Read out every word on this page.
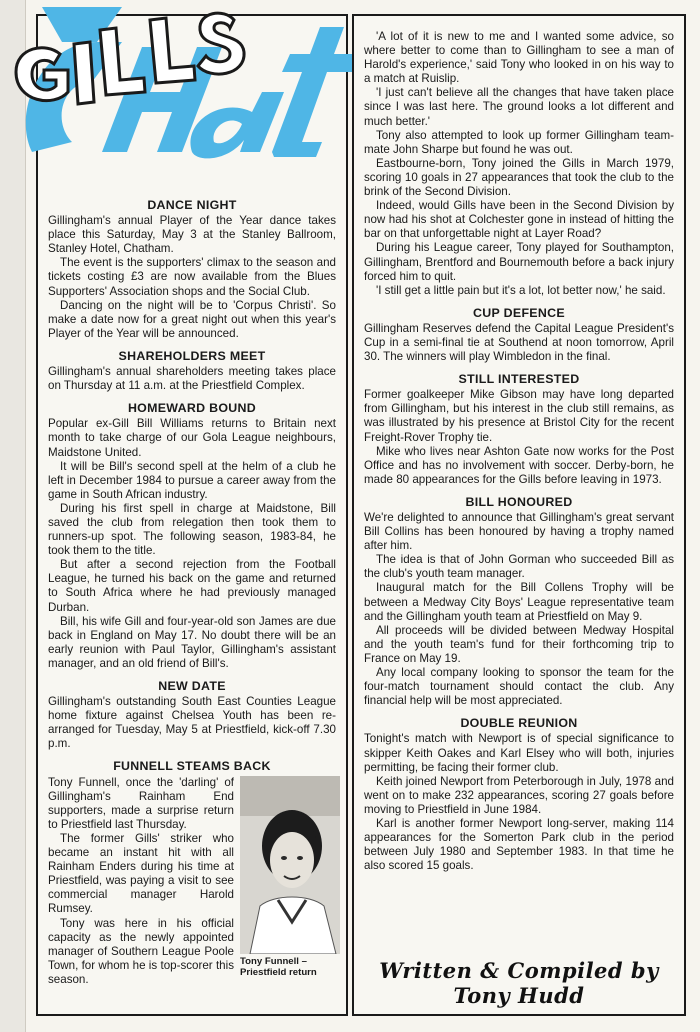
DANCE NIGHT

Gillingham's annual Player of the Year dance takes place this Saturday, May 3 at the Stanley Ballroom, Stanley Hotel, Chatham.

The event is the supporters' climax to the season and tickets costing £3 are now available from the Blues Supporters' Association shops and the Social Club.

Dancing on the night will be to 'Corpus Christi'. So make a date now for a great night out when this year's Player of the Year will be announced.

SHAREHOLDERS MEET

Gillingham's annual shareholders meeting takes place on Thursday at 11 a.m. at the Priestfield Complex.

HOMEWARD BOUND

Popular ex-Gill Bill Williams returns to Britain next month to take charge of our Gola League neighbours, Maidstone United.

It will be Bill's second spell at the helm of a club he left in December 1984 to pursue a career away from the game in South African industry.

During his first spell in charge at Maidstone, Bill saved the club from relegation then took them to runners-up spot. The following season, 1983-84, he took them to the title.

But after a second rejection from the Football League, he turned his back on the game and returned to South Africa where he had previously managed Durban.

Bill, his wife Gill and four-year-old son James are due back in England on May 17. No doubt there will be an early reunion with Paul Taylor, Gillingham's assistant manager, and an old friend of Bill's.

NEW DATE

Gillingham's outstanding South East Counties League home fixture against Chelsea Youth has been re-arranged for Tuesday, May 5 at Priestfield, kick-off 7.30 p.m.

FUNNELL STEAMS BACK
Tony Funnell –
Priestfield return

Tony Funnell, once the 'darling' of Gillingham's Rainham End supporters, made a surprise return to Priestfield last Thursday.

The former Gills' striker who became an instant hit with all Rainham Enders during his time at Priestfield, was paying a visit to see commercial manager Harold Rumsey.

Tony was here in his official capacity as the newly appointed manager of Southern League Poole Town, for whom he is top-scorer this season.

'A lot of it is new to me and I wanted some advice, so where better to come than to Gillingham to see a man of Harold's experience,' said Tony who looked in on his way to a match at Ruislip.

'I just can't believe all the changes that have taken place since I was last here. The ground looks a lot different and much better.'

Tony also attempted to look up former Gillingham team-mate John Sharpe but found he was out.

Eastbourne-born, Tony joined the Gills in March 1979, scoring 10 goals in 27 appearances that took the club to the brink of the Second Division.

Indeed, would Gills have been in the Second Division by now had his shot at Colchester gone in instead of hitting the bar on that unforgettable night at Layer Road?

During his League career, Tony played for Southampton, Gillingham, Brentford and Bournemouth before a back injury forced him to quit.

'I still get a little pain but it's a lot, lot better now,' he said.

CUP DEFENCE

Gillingham Reserves defend the Capital League President's Cup in a semi-final tie at Southend at noon tomorrow, April 30. The winners will play Wimbledon in the final.

STILL INTERESTED

Former goalkeeper Mike Gibson may have long departed from Gillingham, but his interest in the club still remains, as was illustrated by his presence at Bristol City for the recent Freight-Rover Trophy tie.

Mike who lives near Ashton Gate now works for the Post Office and has no involvement with soccer. Derby-born, he made 80 appearances for the Gills before leaving in 1973.

BILL HONOURED

We're delighted to announce that Gillingham's great servant Bill Collins has been honoured by having a trophy named after him.

The idea is that of John Gorman who succeeded Bill as the club's youth team manager.

Inaugural match for the Bill Collens Trophy will be between a Medway City Boys' League representative team and the Gillingham youth team at Priestfield on May 9.

All proceeds will be divided between Medway Hospital and the youth team's fund for their forthcoming trip to France on May 19.

Any local company looking to sponsor the team for the four-match tournament should contact the club. Any financial help will be most appreciated.

DOUBLE REUNION

Tonight's match with Newport is of special significance to skipper Keith Oakes and Karl Elsey who will both, injuries permitting, be facing their former club.

Keith joined Newport from Peterborough in July, 1978 and went on to make 232 appearances, scoring 27 goals before moving to Priestfield in June 1984.

Karl is another former Newport long-server, making 114 appearances for the Somerton Park club in the period between July 1980 and September 1983. In that time he also scored 15 goals.

Written & Compiled by Tony Hudd
